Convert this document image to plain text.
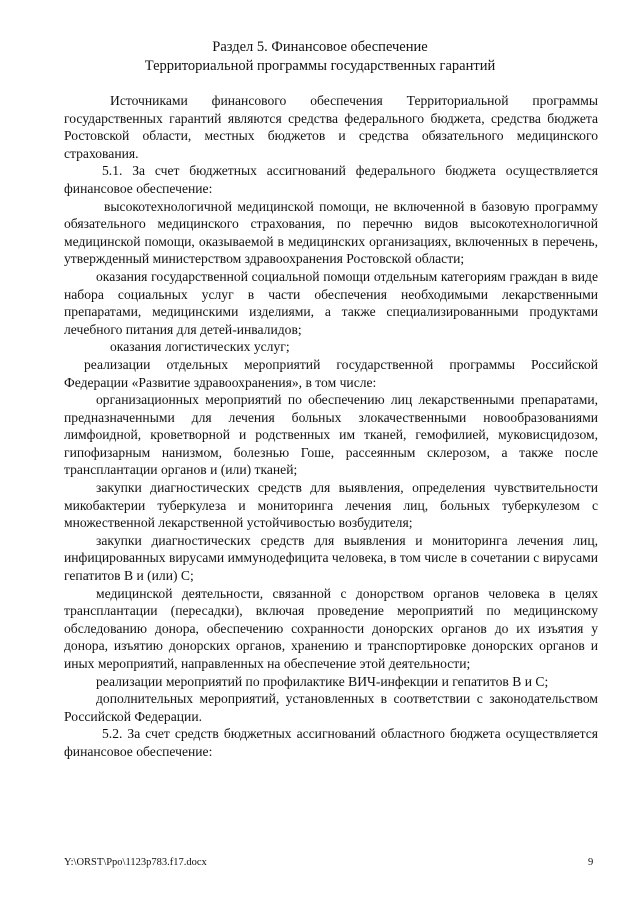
Раздел 5. Финансовое обеспечение
Территориальной программы государственных гарантий

Источниками финансового обеспечения Территориальной программы государственных гарантий являются средства федерального бюджета, средства бюджета Ростовской области, местных бюджетов и средства обязательного медицинского страхования.

5.1. За счет бюджетных ассигнований федерального бюджета осуществляется финансовое обеспечение:

высокотехнологичной медицинской помощи, не включенной в базовую программу обязательного медицинского страхования, по перечню видов высокотехнологичной медицинской помощи, оказываемой в медицинских организациях, включенных в перечень, утвержденный министерством здравоохранения Ростовской области;

оказания государственной социальной помощи отдельным категориям граждан в виде набора социальных услуг в части обеспечения необходимыми лекарственными препаратами, медицинскими изделиями, а также специализированными продуктами лечебного питания для детей-инвалидов;

оказания логистических услуг;

реализации отдельных мероприятий государственной программы Российской Федерации «Развитие здравоохранения», в том числе:

организационных мероприятий по обеспечению лиц лекарственными препаратами, предназначенными для лечения больных злокачественными новообразованиями лимфоидной, кроветворной и родственных им тканей, гемофилией, муковисцидозом, гипофизарным нанизмом, болезнью Гоше, рассеянным склерозом, а также после трансплантации органов и (или) тканей;

закупки диагностических средств для выявления, определения чувствительности микобактерии туберкулеза и мониторинга лечения лиц, больных туберкулезом с множественной лекарственной устойчивостью возбудителя;

закупки диагностических средств для выявления и мониторинга лечения лиц, инфицированных вирусами иммунодефицита человека, в том числе в сочетании с вирусами гепатитов B и (или) C;

медицинской деятельности, связанной с донорством органов человека в целях трансплантации (пересадки), включая проведение мероприятий по медицинскому обследованию донора, обеспечению сохранности донорских органов до их изъятия у донора, изъятию донорских органов, хранению и транспортировке донорских органов и иных мероприятий, направленных на обеспечение этой деятельности;

реализации мероприятий по профилактике ВИЧ-инфекции и гепатитов B и C;

дополнительных мероприятий, установленных в соответствии с законодательством Российской Федерации.

5.2. За счет средств бюджетных ассигнований областного бюджета осуществляется финансовое обеспечение:

Y:\ORST\Ppo\1123p783.f17.docx	9
